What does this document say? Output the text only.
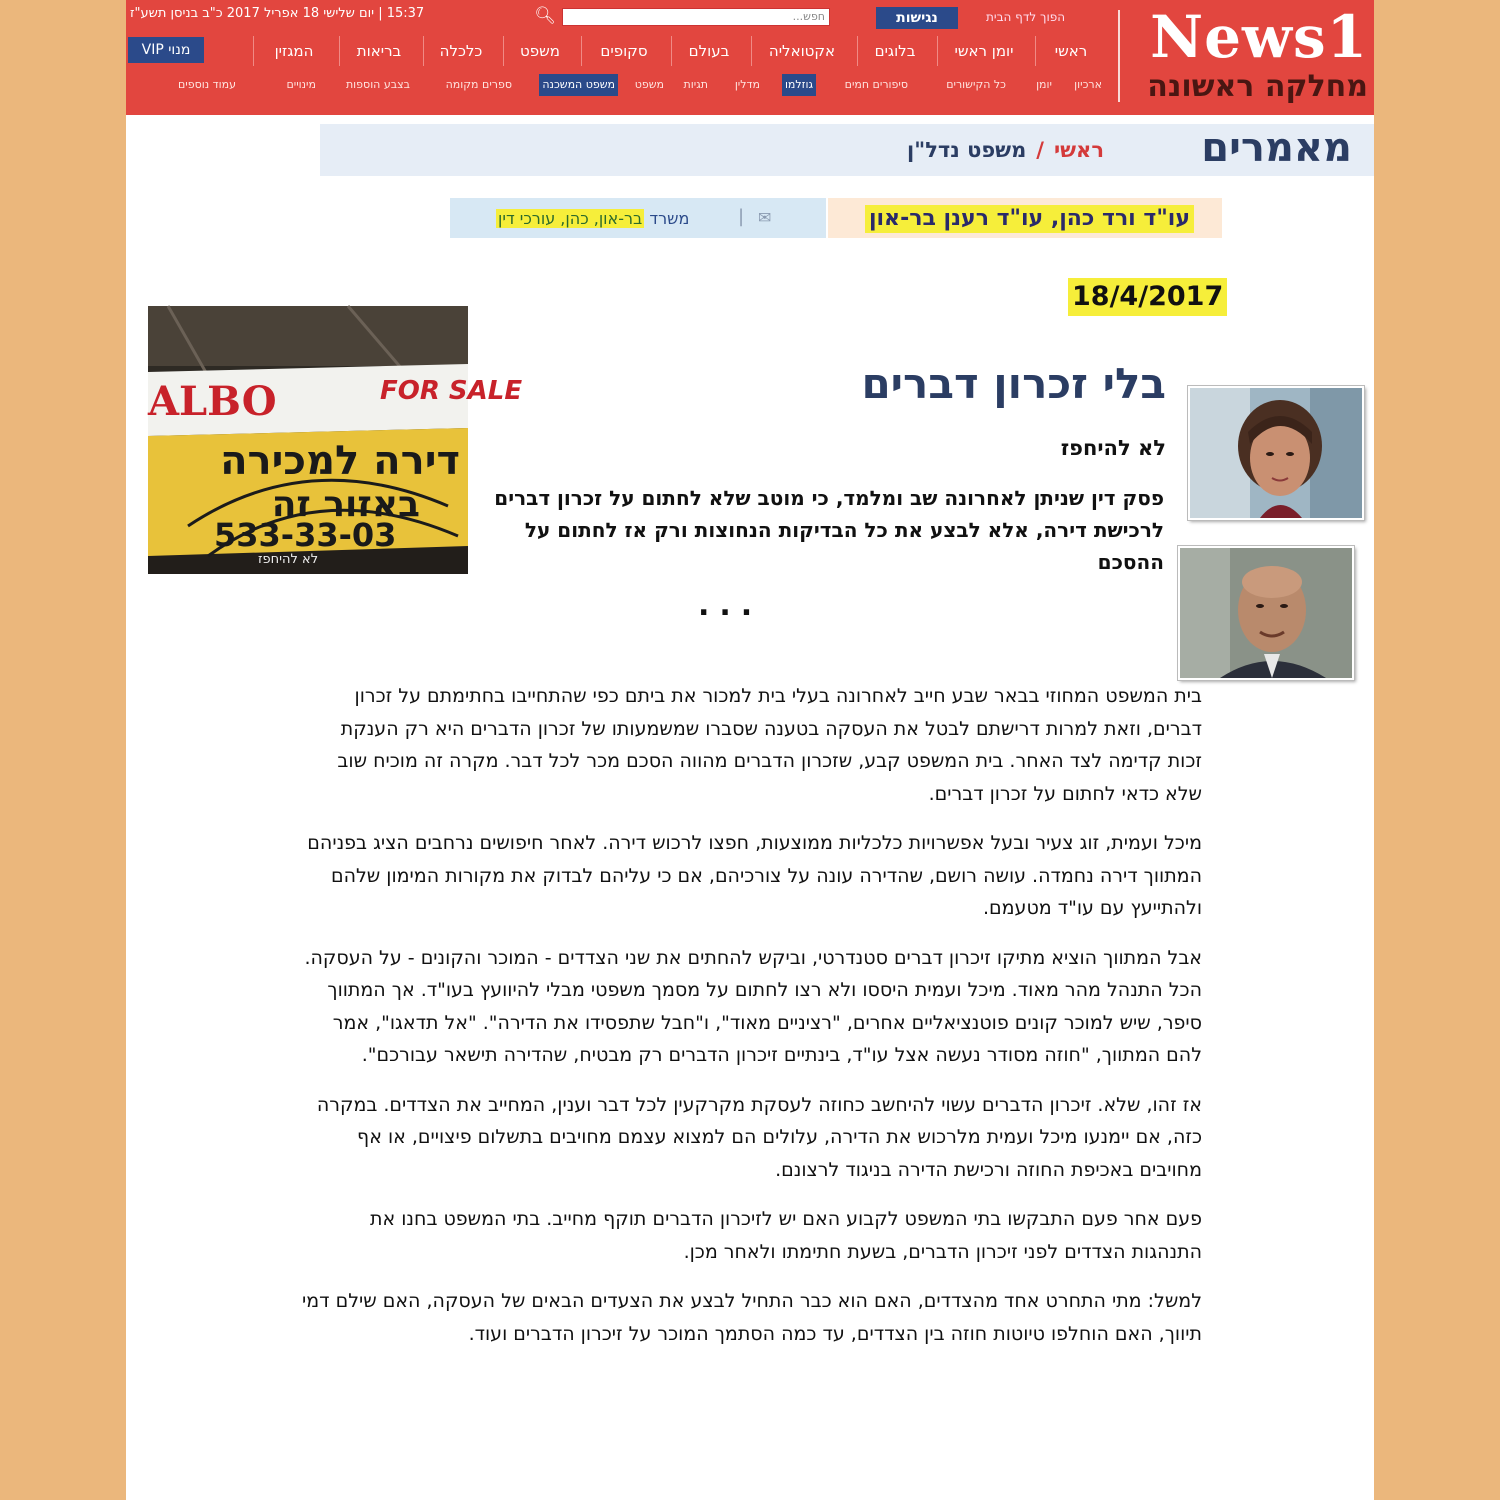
News1
מחלקה ראשונה
הפוך לדף הבית
נגישות
חפש...
🔍︎
15:37 | יום שלישי 18 אפריל 2017 כ"ב בניסן תשע"ז
ראשי
יומן ראשי
בלוגים
אקטואליה
בעולם
סקופים
משפט
כלכלה
בריאות
המגזין
מנוי VIP
ארכיון
יומן
כל הקישורים
סיפורים חמים
גוזלמו
מדלין
תגיות
משפט
משפט המשכנה
ספרים מקומה
בצבע הוספות
מינויים
עמוד נוספים
מאמרים
ראשי/משפט נדל"ן
עו"ד ורד כהן, עו"ד רענן בר-און
✉
|
משרד בר-און, כהן, עורכי דין
18/4/2017
ALBO	FOR SALE
דירה למכירה
באזור זה
533-33-03
לא להיחפז
בלי זכרון דברים
לא להיחפז
פסק דין שניתן לאחרונה שב ומלמד, כי מוטב שלא לחתום על זכרון דברים לרכישת דירה, אלא לבצע את כל הבדיקות הנחוצות ורק אז לחתום על ההסכם
...

בית המשפט המחוזי בבאר שבע חייב לאחרונה בעלי בית למכור את ביתם כפי שהתחייבו בחתימתם על זכרון דברים, וזאת למרות דרישתם לבטל את העסקה בטענה שסברו שמשמעותו של זכרון הדברים היא רק הענקת זכות קדימה לצד האחר. בית המשפט קבע, שזכרון הדברים מהווה הסכם מכר לכל דבר. מקרה זה מוכיח שוב שלא כדאי לחתום על זכרון דברים.

מיכל ועמית, זוג צעיר ובעל אפשרויות כלכליות ממוצעות, חפצו לרכוש דירה. לאחר חיפושים נרחבים הציג בפניהם המתווך דירה נחמדה. עושה רושם, שהדירה עונה על צורכיהם, אם כי עליהם לבדוק את מקורות המימון שלהם ולהתייעץ עם עו"ד מטעמם.

אבל המתווך הוציא מתיקו זיכרון דברים סטנדרטי, וביקש להחתים את שני הצדדים - המוכר והקונים - על העסקה. הכל התנהל מהר מאוד. מיכל ועמית היססו ולא רצו לחתום על מסמך משפטי מבלי להיוועץ בעו"ד. אך המתווך סיפר, שיש למוכר קונים פוטנציאליים אחרים, "רציניים מאוד", ו"חבל שתפסידו את הדירה". "אל תדאגו", אמר להם המתווך, "חוזה מסודר נעשה אצל עו"ד, בינתיים זיכרון הדברים רק מבטיח, שהדירה תישאר עבורכם".

אז זהו, שלא. זיכרון הדברים עשוי להיחשב כחוזה לעסקת מקרקעין לכל דבר וענין, המחייב את הצדדים. במקרה כזה, אם יימנעו מיכל ועמית מלרכוש את הדירה, עלולים הם למצוא עצמם מחויבים בתשלום פיצויים, או אף מחויבים באכיפת החוזה ורכישת הדירה בניגוד לרצונם.

פעם אחר פעם התבקשו בתי המשפט לקבוע האם יש לזיכרון הדברים תוקף מחייב. בתי המשפט בחנו את התנהגות הצדדים לפני זיכרון הדברים, בשעת חתימתו ולאחר מכן.

למשל: מתי התחרט אחד מהצדדים, האם הוא כבר התחיל לבצע את הצעדים הבאים של העסקה, האם שילם דמי תיווך, האם הוחלפו טיוטות חוזה בין הצדדים, עד כמה הסתמך המוכר על זיכרון הדברים ועוד.
